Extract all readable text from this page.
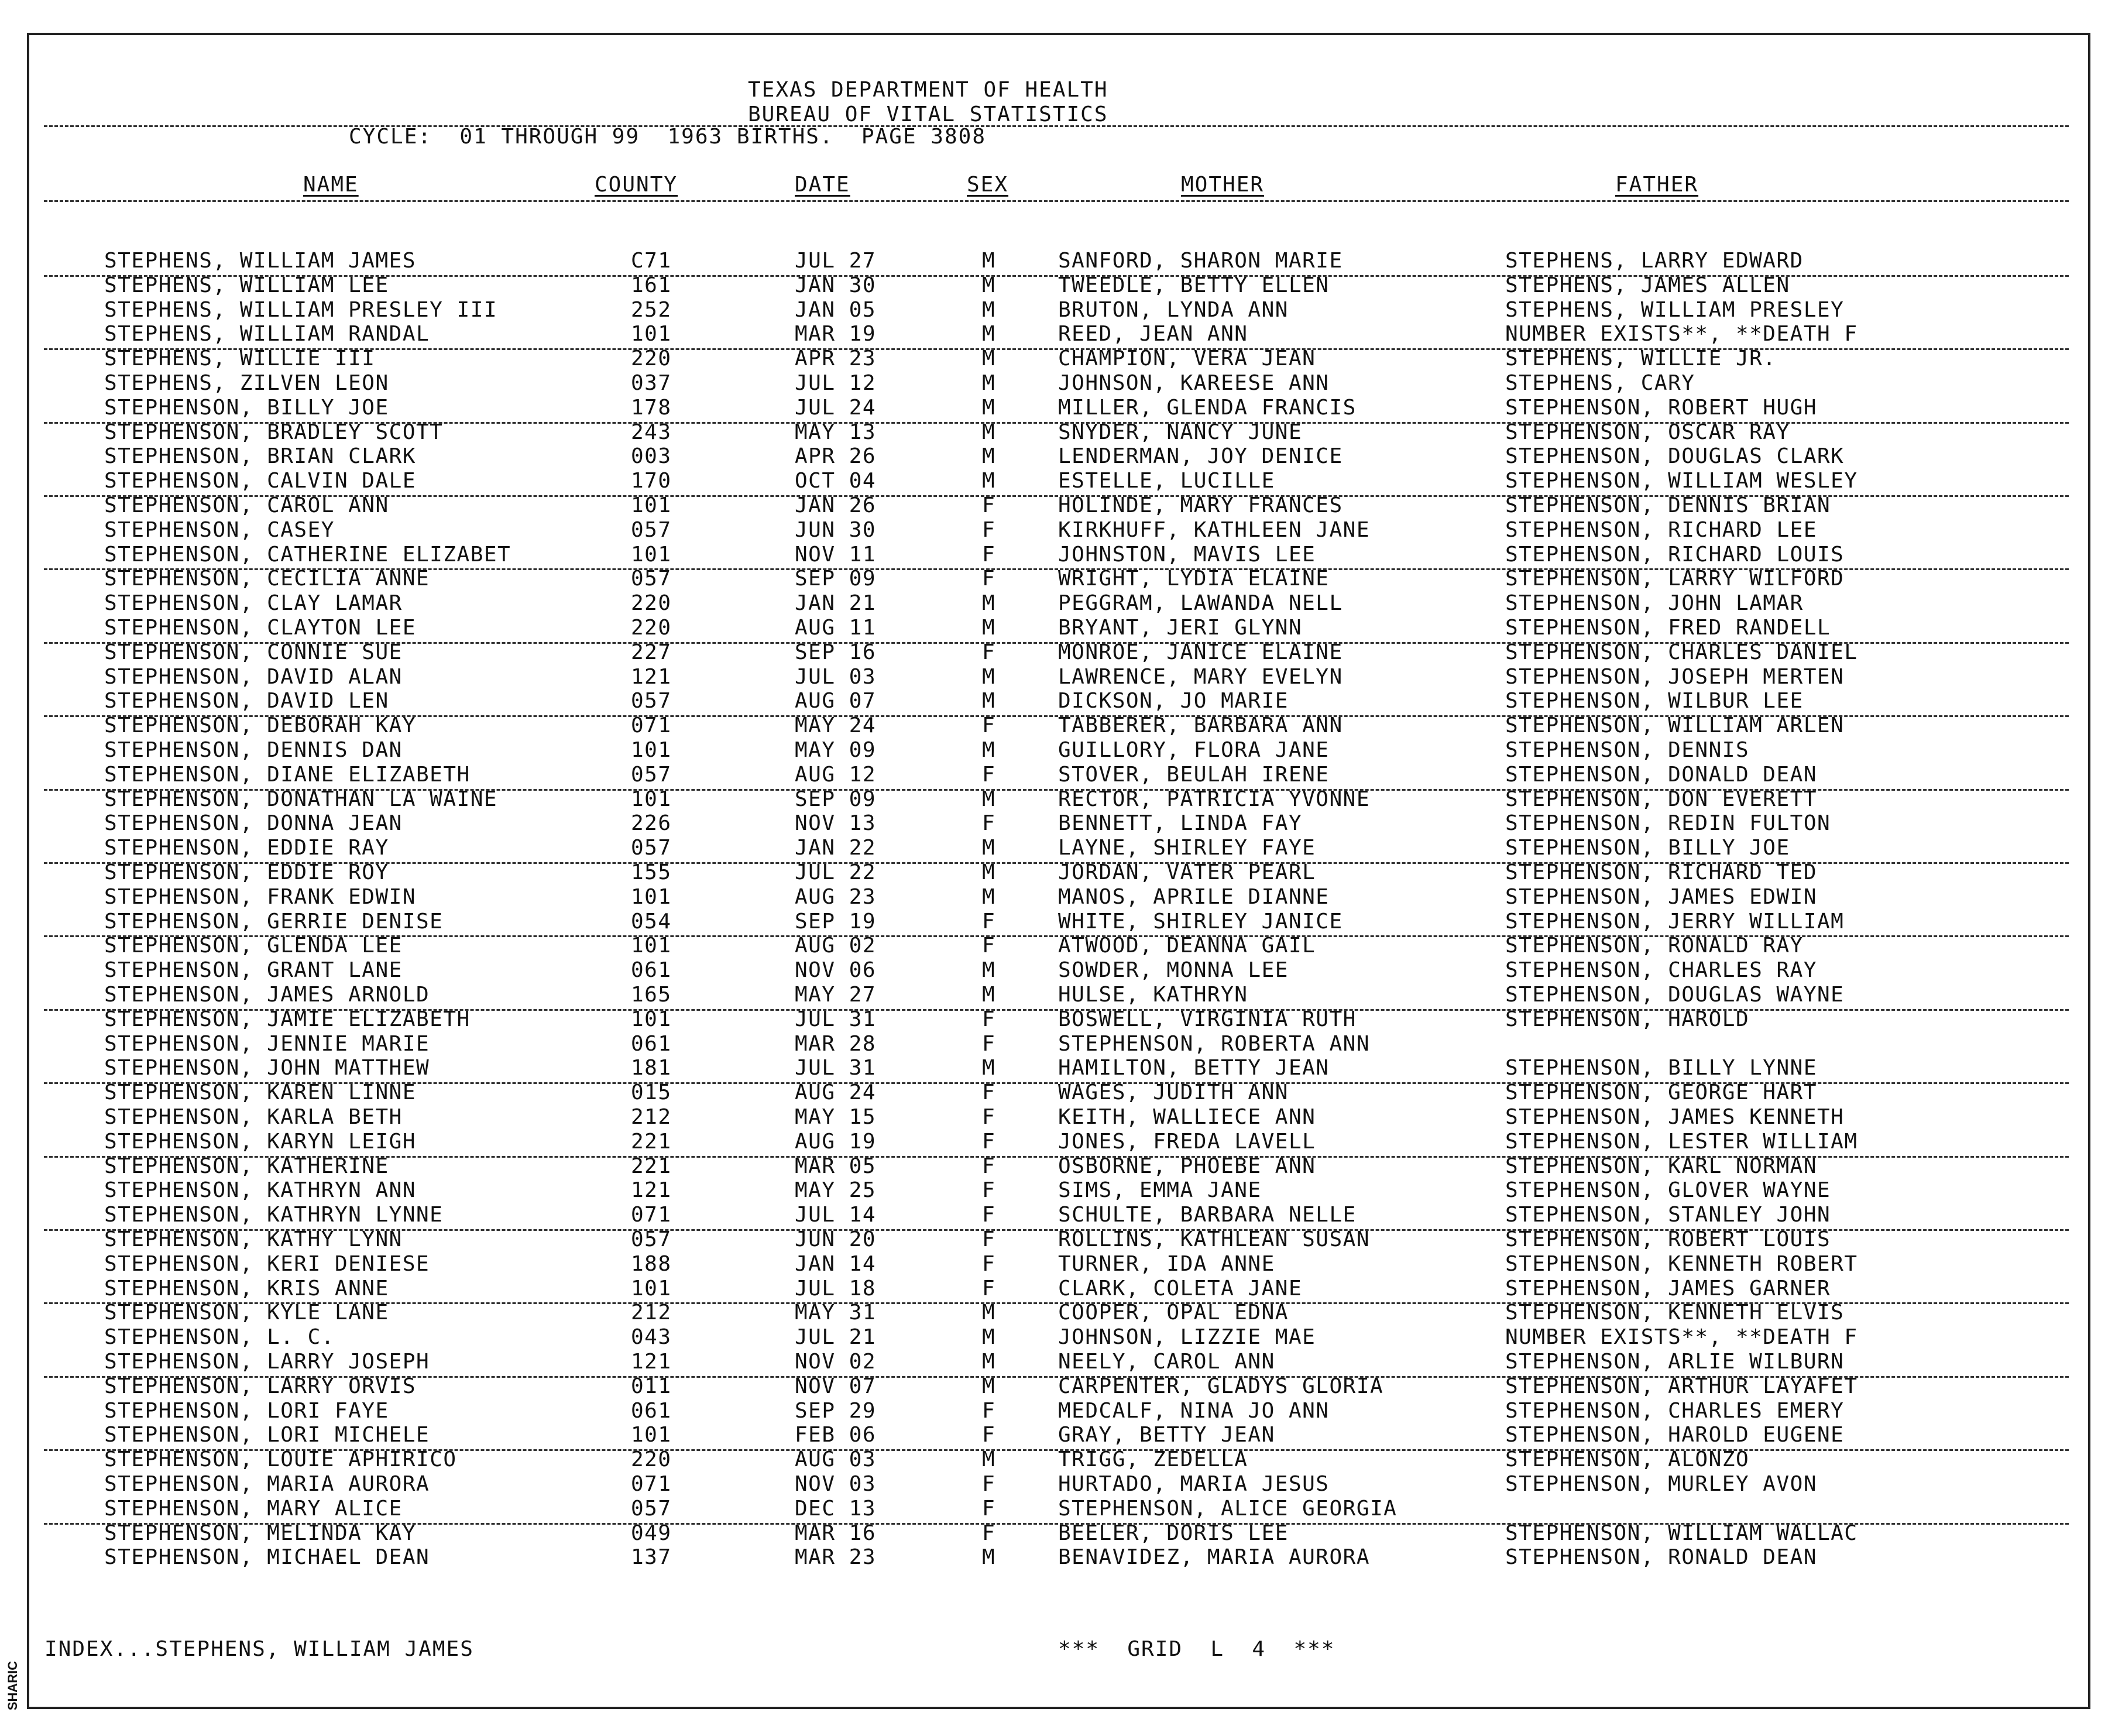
SHARIC
TEXAS DEPARTMENT OF HEALTH
BUREAU OF VITAL STATISTICS
CYCLE:  01 THROUGH 99  1963 BIRTHS.  PAGE 3808
NAME	COUNTY	DATE	SEX	MOTHER	FATHER
STEPHENS, WILLIAM JAMES	C71	JUL 27	M	SANFORD, SHARON MARIE	STEPHENS, LARRY EDWARD
STEPHENS, WILLIAM LEE	161	JAN 30	M	TWEEDLE, BETTY ELLEN	STEPHENS, JAMES ALLEN
STEPHENS, WILLIAM PRESLEY III	252	JAN 05	M	BRUTON, LYNDA ANN	STEPHENS, WILLIAM PRESLEY
STEPHENS, WILLIAM RANDAL	101	MAR 19	M	REED, JEAN ANN	NUMBER EXISTS**, **DEATH F
STEPHENS, WILLIE III	220	APR 23	M	CHAMPION, VERA JEAN	STEPHENS, WILLIE JR.
STEPHENS, ZILVEN LEON	037	JUL 12	M	JOHNSON, KAREESE ANN	STEPHENS, CARY
STEPHENSON, BILLY JOE	178	JUL 24	M	MILLER, GLENDA FRANCIS	STEPHENSON, ROBERT HUGH
STEPHENSON, BRADLEY SCOTT	243	MAY 13	M	SNYDER, NANCY JUNE	STEPHENSON, OSCAR RAY
STEPHENSON, BRIAN CLARK	003	APR 26	M	LENDERMAN, JOY DENICE	STEPHENSON, DOUGLAS CLARK
STEPHENSON, CALVIN DALE	170	OCT 04	M	ESTELLE, LUCILLE	STEPHENSON, WILLIAM WESLEY
STEPHENSON, CAROL ANN	101	JAN 26	F	HOLINDE, MARY FRANCES	STEPHENSON, DENNIS BRIAN
STEPHENSON, CASEY	057	JUN 30	F	KIRKHUFF, KATHLEEN JANE	STEPHENSON, RICHARD LEE
STEPHENSON, CATHERINE ELIZABET	101	NOV 11	F	JOHNSTON, MAVIS LEE	STEPHENSON, RICHARD LOUIS
STEPHENSON, CECILIA ANNE	057	SEP 09	F	WRIGHT, LYDIA ELAINE	STEPHENSON, LARRY WILFORD
STEPHENSON, CLAY LAMAR	220	JAN 21	M	PEGGRAM, LAWANDA NELL	STEPHENSON, JOHN LAMAR
STEPHENSON, CLAYTON LEE	220	AUG 11	M	BRYANT, JERI GLYNN	STEPHENSON, FRED RANDELL
STEPHENSON, CONNIE SUE	227	SEP 16	F	MONROE, JANICE ELAINE	STEPHENSON, CHARLES DANIEL
STEPHENSON, DAVID ALAN	121	JUL 03	M	LAWRENCE, MARY EVELYN	STEPHENSON, JOSEPH MERTEN
STEPHENSON, DAVID LEN	057	AUG 07	M	DICKSON, JO MARIE	STEPHENSON, WILBUR LEE
STEPHENSON, DEBORAH KAY	071	MAY 24	F	TABBERER, BARBARA ANN	STEPHENSON, WILLIAM ARLEN
STEPHENSON, DENNIS DAN	101	MAY 09	M	GUILLORY, FLORA JANE	STEPHENSON, DENNIS
STEPHENSON, DIANE ELIZABETH	057	AUG 12	F	STOVER, BEULAH IRENE	STEPHENSON, DONALD DEAN
STEPHENSON, DONATHAN LA WAINE	101	SEP 09	M	RECTOR, PATRICIA YVONNE	STEPHENSON, DON EVERETT
STEPHENSON, DONNA JEAN	226	NOV 13	F	BENNETT, LINDA FAY	STEPHENSON, REDIN FULTON
STEPHENSON, EDDIE RAY	057	JAN 22	M	LAYNE, SHIRLEY FAYE	STEPHENSON, BILLY JOE
STEPHENSON, EDDIE ROY	155	JUL 22	M	JORDAN, VATER PEARL	STEPHENSON, RICHARD TED
STEPHENSON, FRANK EDWIN	101	AUG 23	M	MANOS, APRILE DIANNE	STEPHENSON, JAMES EDWIN
STEPHENSON, GERRIE DENISE	054	SEP 19	F	WHITE, SHIRLEY JANICE	STEPHENSON, JERRY WILLIAM
STEPHENSON, GLENDA LEE	101	AUG 02	F	ATWOOD, DEANNA GAIL	STEPHENSON, RONALD RAY
STEPHENSON, GRANT LANE	061	NOV 06	M	SOWDER, MONNA LEE	STEPHENSON, CHARLES RAY
STEPHENSON, JAMES ARNOLD	165	MAY 27	M	HULSE, KATHRYN	STEPHENSON, DOUGLAS WAYNE
STEPHENSON, JAMIE ELIZABETH	101	JUL 31	F	BOSWELL, VIRGINIA RUTH	STEPHENSON, HAROLD
STEPHENSON, JENNIE MARIE	061	MAR 28	F	STEPHENSON, ROBERTA ANN
STEPHENSON, JOHN MATTHEW	181	JUL 31	M	HAMILTON, BETTY JEAN	STEPHENSON, BILLY LYNNE
STEPHENSON, KAREN LINNE	015	AUG 24	F	WAGES, JUDITH ANN	STEPHENSON, GEORGE HART
STEPHENSON, KARLA BETH	212	MAY 15	F	KEITH, WALLIECE ANN	STEPHENSON, JAMES KENNETH
STEPHENSON, KARYN LEIGH	221	AUG 19	F	JONES, FREDA LAVELL	STEPHENSON, LESTER WILLIAM
STEPHENSON, KATHERINE	221	MAR 05	F	OSBORNE, PHOEBE ANN	STEPHENSON, KARL NORMAN
STEPHENSON, KATHRYN ANN	121	MAY 25	F	SIMS, EMMA JANE	STEPHENSON, GLOVER WAYNE
STEPHENSON, KATHRYN LYNNE	071	JUL 14	F	SCHULTE, BARBARA NELLE	STEPHENSON, STANLEY JOHN
STEPHENSON, KATHY LYNN	057	JUN 20	F	ROLLINS, KATHLEAN SUSAN	STEPHENSON, ROBERT LOUIS
STEPHENSON, KERI DENIESE	188	JAN 14	F	TURNER, IDA ANNE	STEPHENSON, KENNETH ROBERT
STEPHENSON, KRIS ANNE	101	JUL 18	F	CLARK, COLETA JANE	STEPHENSON, JAMES GARNER
STEPHENSON, KYLE LANE	212	MAY 31	M	COOPER, OPAL EDNA	STEPHENSON, KENNETH ELVIS
STEPHENSON, L. C.	043	JUL 21	M	JOHNSON, LIZZIE MAE	NUMBER EXISTS**, **DEATH F
STEPHENSON, LARRY JOSEPH	121	NOV 02	M	NEELY, CAROL ANN	STEPHENSON, ARLIE WILBURN
STEPHENSON, LARRY ORVIS	011	NOV 07	M	CARPENTER, GLADYS GLORIA	STEPHENSON, ARTHUR LAYAFET
STEPHENSON, LORI FAYE	061	SEP 29	F	MEDCALF, NINA JO ANN	STEPHENSON, CHARLES EMERY
STEPHENSON, LORI MICHELE	101	FEB 06	F	GRAY, BETTY JEAN	STEPHENSON, HAROLD EUGENE
STEPHENSON, LOUIE APHIRICO	220	AUG 03	M	TRIGG, ZEDELLA	STEPHENSON, ALONZO
STEPHENSON, MARIA AURORA	071	NOV 03	F	HURTADO, MARIA JESUS	STEPHENSON, MURLEY AVON
STEPHENSON, MARY ALICE	057	DEC 13	F	STEPHENSON, ALICE GEORGIA
STEPHENSON, MELINDA KAY	049	MAR 16	F	BEELER, DORIS LEE	STEPHENSON, WILLIAM WALLAC
STEPHENSON, MICHAEL DEAN	137	MAR 23	M	BENAVIDEZ, MARIA AURORA	STEPHENSON, RONALD DEAN
INDEX...STEPHENS, WILLIAM JAMES	***  GRID  L  4  ***
